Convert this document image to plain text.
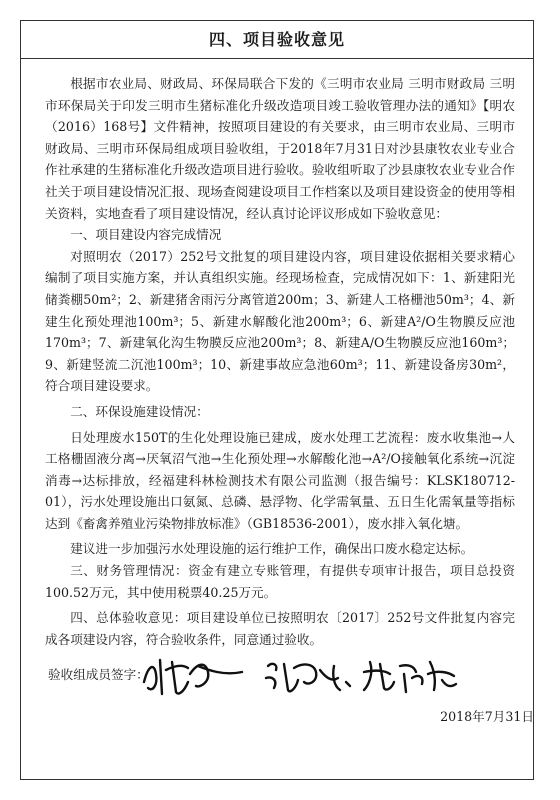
四、项目验收意见

根据市农业局、财政局、环保局联合下发的《三明市农业局 三明市财政局 三明市环保局关于印发三明市生猪标准化升级改造项目竣工验收管理办法的通知》【明农（2016）168号】文件精神，按照项目建设的有关要求，由三明市农业局、三明市财政局、三明市环保局组成项目验收组，于2018年7月31日对沙县康牧农业专业合作社承建的生猪标准化升级改造项目进行验收。验收组听取了沙县康牧农业专业合作社关于项目建设情况汇报、现场查阅建设项目工作档案以及项目建设资金的使用等相关资料，实地查看了项目建设情况，经认真讨论评议形成如下验收意见：

一、项目建设内容完成情况

对照明农（2017）252号文批复的项目建设内容，项目建设依据相关要求精心编制了项目实施方案，并认真组织实施。经现场检查，完成情况如下：1、新建阳光储粪棚50m²；2、新建猪舍雨污分离管道200m；3、新建人工格栅池50m³；4、新建生化预处理池100m³；5、新建水解酸化池200m³；6、新建A²/O生物膜反应池170m³；7、新建氧化沟生物膜反应池200m³；8、新建A/O生物膜反应池160m³；9、新建竖流二沉池100m³；10、新建事故应急池60m³；11、新建设备房30m²，符合项目建设要求。

二、环保设施建设情况：

日处理废水150T的生化处理设施已建成，废水处理工艺流程：废水收集池→人工格栅固液分离→厌氧沼气池→生化预处理→水解酸化池→A²/O接触氧化系统→沉淀消毒→达标排放，经福建科林检测技术有限公司监测（报告编号：KLSK180712-01），污水处理设施出口氨氮、总磷、悬浮物、化学需氧量、五日生化需氧量等指标达到《畜禽养殖业污染物排放标准》（GB18536-2001），废水排入氧化塘。

建议进一步加强污水处理设施的运行维护工作，确保出口废水稳定达标。

三、财务管理情况：资金有建立专账管理，有提供专项审计报告，项目总投资100.52万元，其中使用税票40.25万元。

四、总体验收意见：项目建设单位已按照明农〔2017〕252号文件批复内容完成各项建设内容，符合验收条件，同意通过验收。

验收组成员签字：
2018年7月31日
